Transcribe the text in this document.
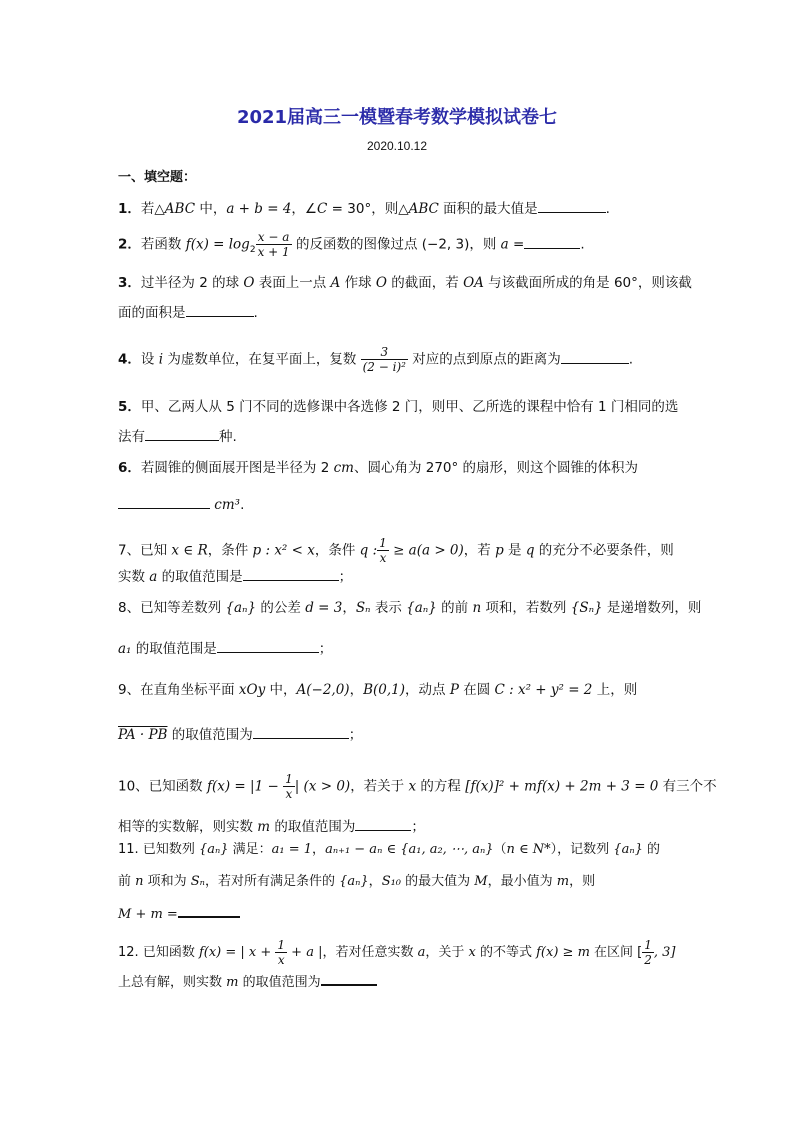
2021届高三一模暨春考数学模拟试卷七
2020.10.12
一、填空题：
1．若△ABC 中，a + b = 4，∠C = 30°，则△ABC 面积的最大值是	.
2．若函数 $f(x) = \log_2 \frac{x - a}{x + 1}$ 的反函数的图像过点 (−2, 3)，则 a =	.
3．过半径为 2 的球 O 表面上一点 A 作球 O 的截面，若 OA 与该截面所成的角是 60°，则该截
面的面积是	.
4．设 i 为虚数单位，在复平面上，复数 $\frac{3}{\text{(2 − i)²}}$ 对应的点到原点的距离为	.
5．甲、乙两人从 5 门不同的选修课中各选修 2 门，则甲、乙所选的课程中恰有 1 门相同的选
法有	种.
6．若圆锥的侧面展开图是半径为 2 cm、圆心角为 270° 的扇形，则这个圆锥的体积为
cm³.
7、已知 x ∈ R，条件 p : x² < x，条件 q : $\frac{1}{x} \ge a(a > 0)$，若 p 是 q 的充分不必要条件，则
实数 a 的取值范围是	；
8、已知等差数列 {aₙ} 的公差 d = 3，Sₙ 表示 {aₙ} 的前 n 项和，若数列 {Sₙ} 是递增数列，则
a₁ 的取值范围是	；
9、在直角坐标平面 xOy 中，A(−2,0)，B(0,1)，动点 P 在圆 C : x² + y² = 2 上，则
PA · PB 的取值范围为	；
10、已知函数 $f(x) = |1 - \frac{1}{x}$ | (x > 0)，若关于 x 的方程 [f(x)]² + mf(x) + 2m + 3 = 0 有三个不
相等的实数解，则实数 m 的取值范围为	；
11. 已知数列 {aₙ} 满足：a₁ = 1，aₙ₊₁ − aₙ ∈ {a₁, a₂, ⋯, aₙ}（n ∈ N*），记数列 {aₙ} 的
前 n 项和为 Sₙ，若对所有满足条件的 {aₙ}，S₁₀ 的最大值为 M，最小值为 m，则
M + m =
12. 已知函数 f(x) = | $x + \frac{1}{x} + a$ |，若对任意实数 a，关于 x 的不等式 f(x) ≥ m 在区间 [ $\frac{1}{2}$ , 3]
上总有解，则实数 m 的取值范围为
